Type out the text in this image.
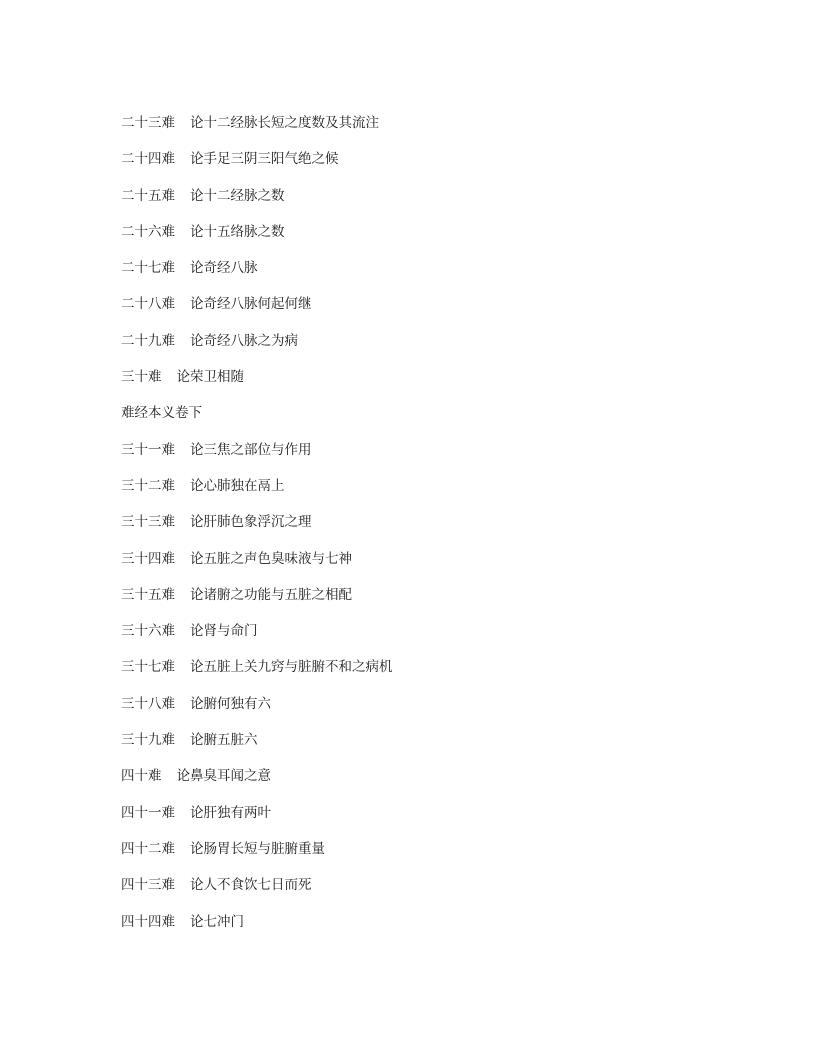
二十三难 论十二经脉长短之度数及其流注
二十四难 论手足三阴三阳气绝之候
二十五难 论十二经脉之数
二十六难 论十五络脉之数
二十七难 论奇经八脉
二十八难 论奇经八脉何起何继
二十九难 论奇经八脉之为病
三十难 论荣卫相随
难经本义卷下
三十一难 论三焦之部位与作用
三十二难 论心肺独在鬲上
三十三难 论肝肺色象浮沉之理
三十四难 论五脏之声色臭味液与七神
三十五难 论诸腑之功能与五脏之相配
三十六难 论肾与命门
三十七难 论五脏上关九窍与脏腑不和之病机
三十八难 论腑何独有六
三十九难 论腑五脏六
四十难 论鼻臭耳闻之意
四十一难 论肝独有两叶
四十二难 论肠胃长短与脏腑重量
四十三难 论人不食饮七日而死
四十四难 论七冲门
